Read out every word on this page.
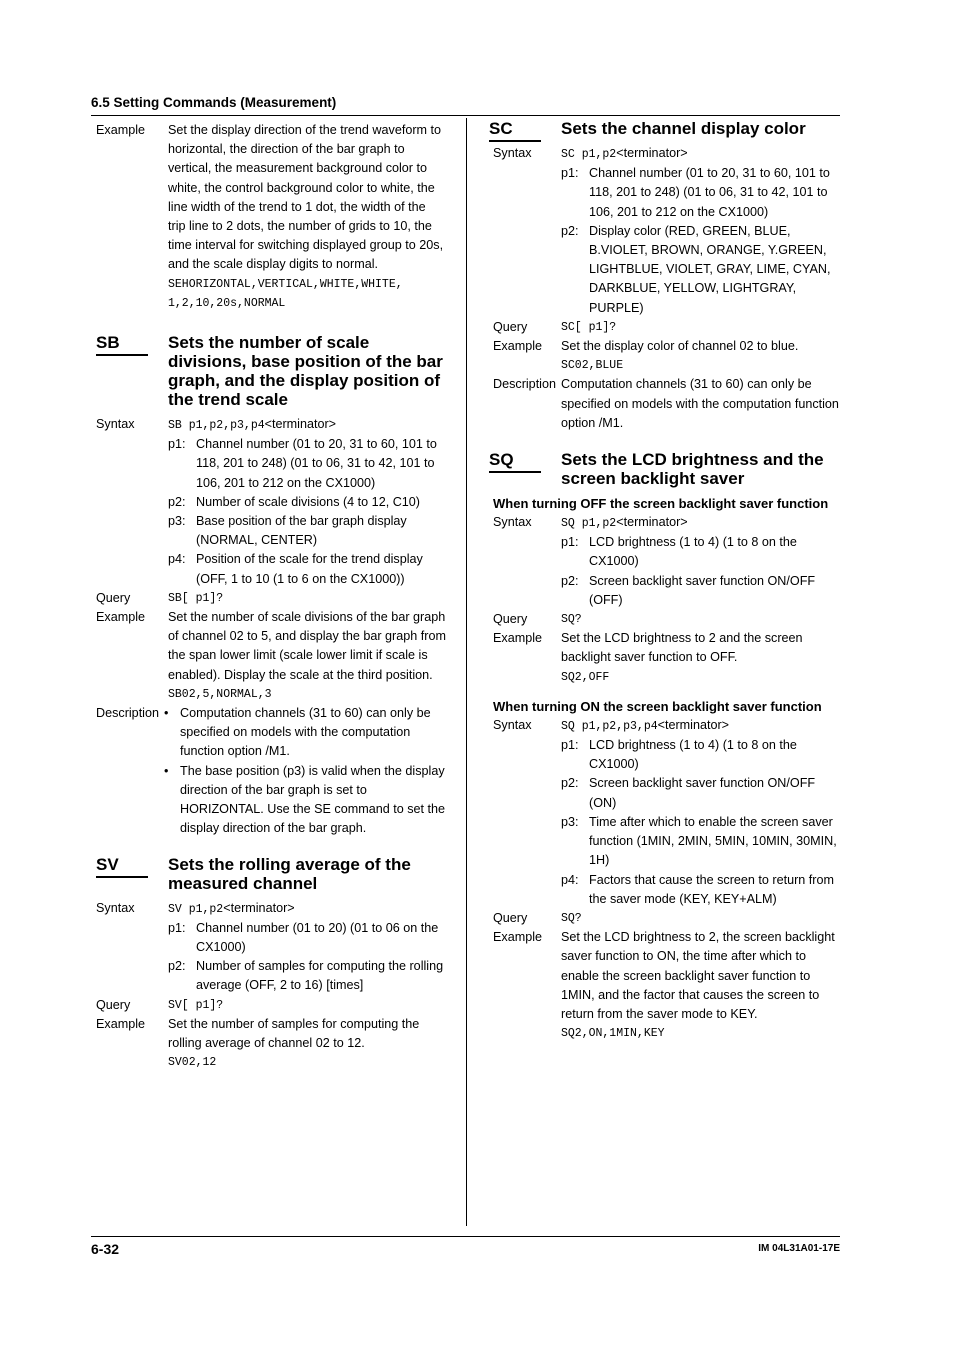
6.5 Setting Commands (Measurement)
Example Set the display direction of the trend waveform to horizontal, the direction of the bar graph to vertical, the measurement background color to white, the control background color to white, the line width of the trend to 1 dot, the width of the trip line to 2 dots, the number of grids to 10, the time interval for switching displayed group to 20s, and the scale display digits to normal.
SEHORIZONTAL,VERTICAL,WHITE,WHITE,
1,2,10,20s,NORMAL
SB	Sets the number of scale divisions, base position of the bar graph, and the display position of the trend scale
Syntax	SB p1,p2,p3,p4<terminator>
p1: Channel number (01 to 20, 31 to 60, 101 to 118, 201 to 248) (01 to 06, 31 to 42, 101 to 106, 201 to 212 on the CX1000)
p2: Number of scale divisions (4 to 12, C10)
p3: Base position of the bar graph display (NORMAL, CENTER)
p4: Position of the scale for the trend display (OFF, 1 to 10 (1 to 6 on the CX1000))
Query	SB[ p1]?
Example Set the number of scale divisions of the bar graph of channel 02 to 5, and display the bar graph from the span lower limit (scale lower limit if scale is enabled). Display the scale at the third position.
SB02,5,NORMAL,3
Description • Computation channels (31 to 60) can only be specified on models with the computation function option /M1.
• The base position (p3) is valid when the display direction of the bar graph is set to HORIZONTAL. Use the SE command to set the display direction of the bar graph.
SV	Sets the rolling average of the measured channel
Syntax	SV p1,p2<terminator>
p1: Channel number (01 to 20) (01 to 06 on the CX1000)
p2: Number of samples for computing the rolling average (OFF, 2 to 16) [times]
Query	SV[ p1]?
Example Set the number of samples for computing the rolling average of channel 02 to 12.
SV02,12
SC	Sets the channel display color
Syntax	SC p1,p2<terminator>
p1: Channel number (01 to 20, 31 to 60, 101 to 118, 201 to 248) (01 to 06, 31 to 42, 101 to 106, 201 to 212 on the CX1000)
p2: Display color (RED, GREEN, BLUE, B.VIOLET, BROWN, ORANGE, Y.GREEN, LIGHTBLUE, VIOLET, GRAY, LIME, CYAN, DARKBLUE, YELLOW, LIGHTGRAY, PURPLE)
Query	SC[ p1]?
Example Set the display color of channel 02 to blue.
SC02,BLUE
Description Computation channels (31 to 60) can only be specified on models with the computation function option /M1.
SQ	Sets the LCD brightness and the screen backlight saver
When turning OFF the screen backlight saver function
Syntax	SQ p1,p2<terminator>
p1: LCD brightness (1 to 4) (1 to 8 on the CX1000)
p2: Screen backlight saver function ON/OFF (OFF)
Query	SQ?
Example Set the LCD brightness to 2 and the screen backlight saver function to OFF.
SQ2,OFF
When turning ON the screen backlight saver function
Syntax	SQ p1,p2,p3,p4<terminator>
p1: LCD brightness (1 to 4) (1 to 8 on the CX1000)
p2: Screen backlight saver function ON/OFF (ON)
p3: Time after which to enable the screen saver function (1MIN, 2MIN, 5MIN, 10MIN, 30MIN, 1H)
p4: Factors that cause the screen to return from the saver mode (KEY, KEY+ALM)
Query	SQ?
Example Set the LCD brightness to 2, the screen backlight saver function to ON, the time after which to enable the screen backlight saver function to 1MIN, and the factor that causes the screen to return from the saver mode to KEY.
SQ2,ON,1MIN,KEY
6-32	IM 04L31A01-17E
